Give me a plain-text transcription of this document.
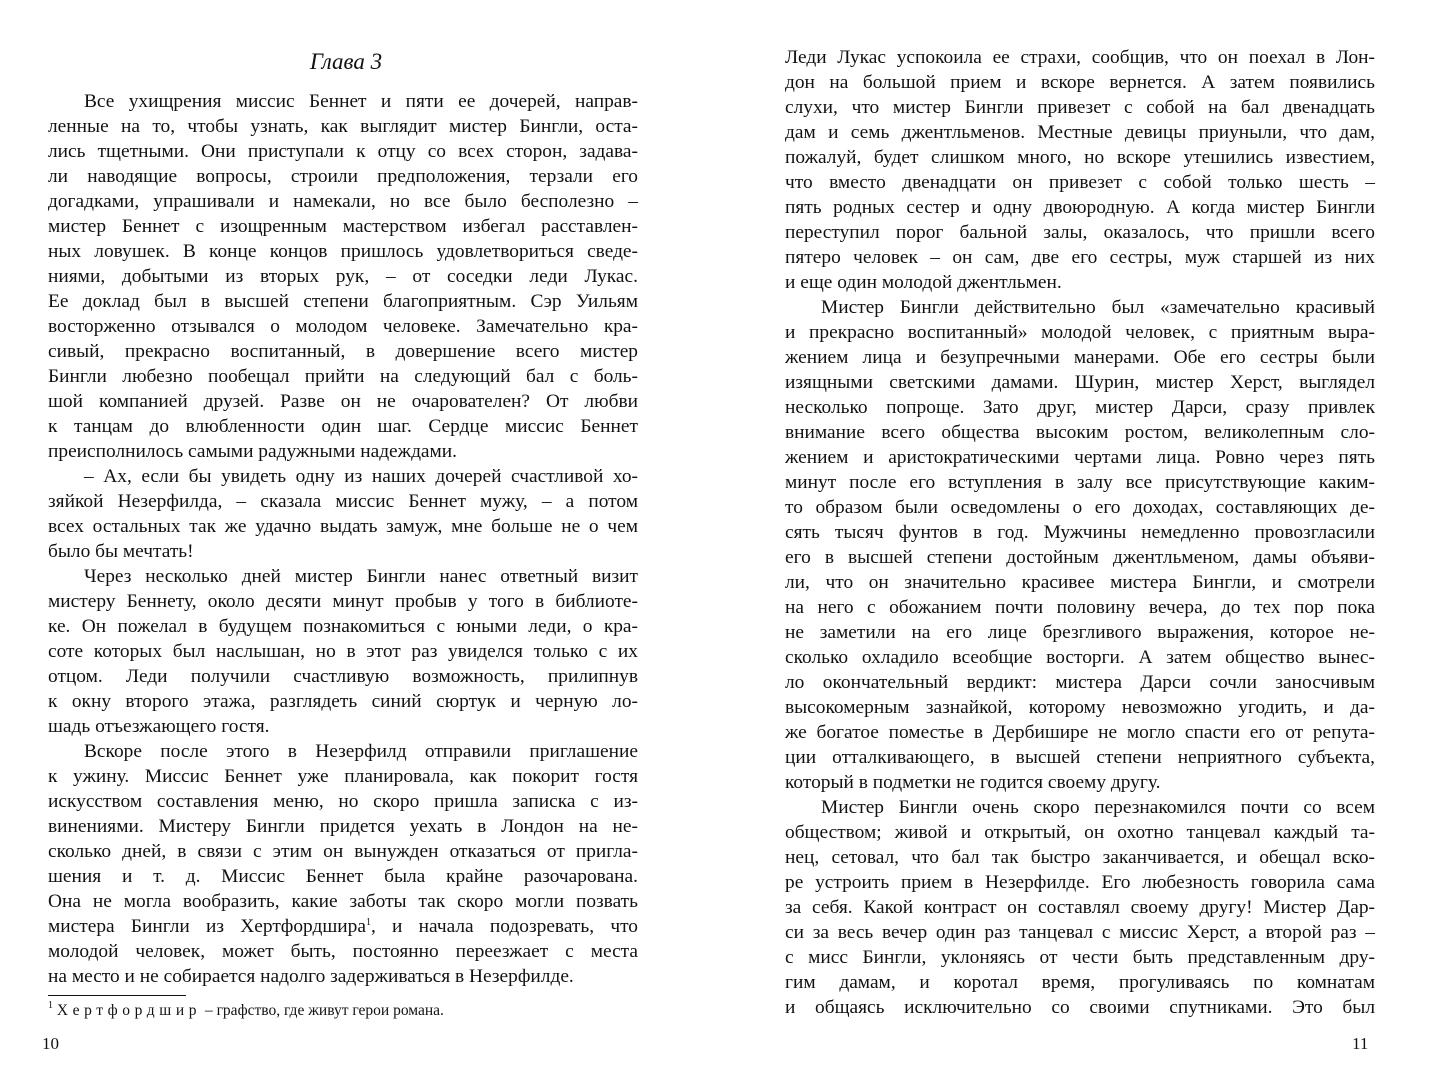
Глава 3
Все ухищрения миссис Беннет и пяти ее дочерей, направ-
ленные на то, чтобы узнать, как выглядит мистер Бингли, оста-
лись тщетными. Они приступали к отцу со всех сторон, задава-
ли наводящие вопросы, строили предположения, терзали его
догадками, упрашивали и намекали, но все было бесполезно –
мистер Беннет с изощренным мастерством избегал расставлен-
ных ловушек. В конце концов пришлось удовлетвориться сведе-
ниями, добытыми из вторых рук, – от соседки леди Лукас.
Ее доклад был в высшей степени благоприятным. Сэр Уильям
восторженно отзывался о молодом человеке. Замечательно кра-
сивый, прекрасно воспитанный, в довершение всего мистер
Бингли любезно пообещал прийти на следующий бал с боль-
шой компанией друзей. Разве он не очарователен? От любви
к танцам до влюбленности один шаг. Сердце миссис Беннет
преисполнилось самыми радужными надеждами.
– Ах, если бы увидеть одну из наших дочерей счастливой хо-
зяйкой Незерфилда, – сказала миссис Беннет мужу, – а потом
всех остальных так же удачно выдать замуж, мне больше не о чем
было бы мечтать!
Через несколько дней мистер Бингли нанес ответный визит
мистеру Беннету, около десяти минут пробыв у того в библиоте-
ке. Он пожелал в будущем познакомиться с юными леди, о кра-
соте которых был наслышан, но в этот раз увиделся только с их
отцом. Леди получили счастливую возможность, прилипнув
к окну второго этажа, разглядеть синий сюртук и черную ло-
шадь отъезжающего гостя.
Вскоре после этого в Незерфилд отправили приглашение
к ужину. Миссис Беннет уже планировала, как покорит гостя
искусством составления меню, но скоро пришла записка с из-
винениями. Мистеру Бингли придется уехать в Лондон на не-
сколько дней, в связи с этим он вынужден отказаться от пригла-
шения и т. д. Миссис Беннет была крайне разочарована.
Она не могла вообразить, какие заботы так скоро могли позвать
мистера Бингли из Хертфордшира$^1$, и начала подозревать, что
молодой человек, может быть, постоянно переезжает с места
на место и не собирается надолго задерживаться в Незерфилде.
$^1$ Хертфордшир – графство, где живут герои романа.
10
Леди Лукас успокоила ее страхи, сообщив, что он поехал в Лон-
дон на большой прием и вскоре вернется. А затем появились
слухи, что мистер Бингли привезет с собой на бал двенадцать
дам и семь джентльменов. Местные девицы приуныли, что дам,
пожалуй, будет слишком много, но вскоре утешились известием,
что вместо двенадцати он привезет с собой только шесть –
пять родных сестер и одну двоюродную. А когда мистер Бингли
переступил порог бальной залы, оказалось, что пришли всего
пятеро человек – он сам, две его сестры, муж старшей из них
и еще один молодой джентльмен.
Мистер Бингли действительно был «замечательно красивый
и прекрасно воспитанный» молодой человек, с приятным выра-
жением лица и безупречными манерами. Обе его сестры были
изящными светскими дамами. Шурин, мистер Херст, выглядел
несколько попроще. Зато друг, мистер Дарси, сразу привлек
внимание всего общества высоким ростом, великолепным сло-
жением и аристократическими чертами лица. Ровно через пять
минут после его вступления в залу все присутствующие каким-
то образом были осведомлены о его доходах, составляющих де-
сять тысяч фунтов в год. Мужчины немедленно провозгласили
его в высшей степени достойным джентльменом, дамы объяви-
ли, что он значительно красивее мистера Бингли, и смотрели
на него с обожанием почти половину вечера, до тех пор пока
не заметили на его лице брезгливого выражения, которое не-
сколько охладило всеобщие восторги. А затем общество вынес-
ло окончательный вердикт: мистера Дарси сочли заносчивым
высокомерным зазнайкой, которому невозможно угодить, и да-
же богатое поместье в Дербишире не могло спасти его от репута-
ции отталкивающего, в высшей степени неприятного субъекта,
который в подметки не годится своему другу.
Мистер Бингли очень скоро перезнакомился почти со всем
обществом; живой и открытый, он охотно танцевал каждый та-
нец, сетовал, что бал так быстро заканчивается, и обещал вско-
ре устроить прием в Незерфилде. Его любезность говорила сама
за себя. Какой контраст он составлял своему другу! Мистер Дар-
си за весь вечер один раз танцевал с миссис Херст, а второй раз –
с мисс Бингли, уклоняясь от чести быть представленным дру-
гим дамам, и коротал время, прогуливаясь по комнатам
и общаясь исключительно со своими спутниками. Это был
11
